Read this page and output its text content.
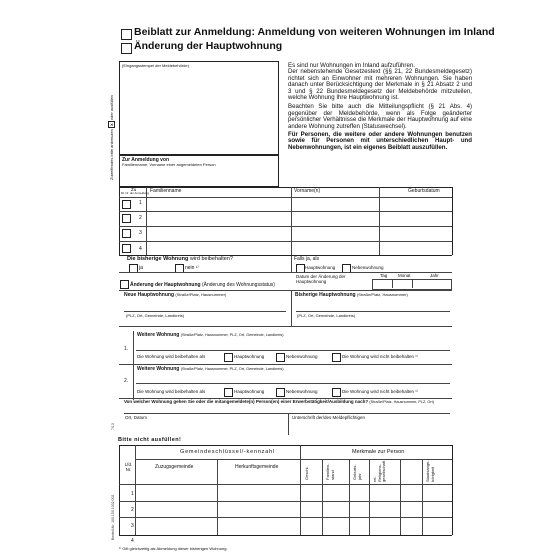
Beiblatt zur Anmeldung: Anmeldung von weiteren Wohnungen im Inland
Änderung der Hauptwohnung
(Eingangsstempel der Meldebehörde)
Zur Anmeldung von
Familienname, Vorname einer angemeldeten Person
Zutreffendes bitte ankreuzen X oder ausfüllen
Es sind nur Wohnungen im Inland aufzuführen.
Der nebenstehende Gesetzestext (§§ 21, 22 Bundesmeldegesetz) richtet sich an Einwohner mit mehreren Wohnungen. Sie haben danach unter Berücksichtigung der Merkmale in § 21 Absatz 2 und 3 und § 22 Bundesmeldegesetz der Meldebehörde mitzuteilen, welche Wohnung Ihre Hauptwohnung ist.
Beachten Sie bitte auch die Mitteilungspflicht (§ 21 Abs. 4) gegenüber der Meldebehörde, wenn als Folge geänderter persönlicher Verhältnisse die Merkmale der Hauptwohnung auf eine andere Wohnung zutreffen (Statuswechsel).
Für Personen, die weitere oder andere Wohnungen benutzen sowie für Personen mit unterschiedlichen Haupt- und Nebenwohnungen, ist ein eigenes Beiblatt auszufüllen.
Zu
lfd. Nr. der Anmeldung Familienname	Vorname(n)	Geburtsdatum
1
2
3
4
Die bisherige Wohnung wird beibehalten?
ja	nein ¹⁾
Falls ja, als
Hauptwohnung	Nebenwohnung
Änderung der Hauptwohnung (Änderung des Wohnungsstatus)
Datum der Änderung der Hauptwohnung
Tag Monat	Jahr
Neue Hauptwohnung (Straße/Platz, Hausnummer)	Bisherige Hauptwohnung (Straße/Platz, Hausnummer)
(PLZ, Ort, Gemeinde, Landkreis)	(PLZ, Ort, Gemeinde, Landkreis)
Weitere Wohnung (Straße/Platz, Hausnummer, PLZ, Ort, Gemeinde, Landkreis)
1.
Die Wohnung wird beibehalten als	Hauptwohnung	Nebenwohnung	Die Wohnung wird nicht beibehalten ¹⁾
Weitere Wohnung (Straße/Platz, Hausnummer, PLZ, Ort, Gemeinde, Landkreis)
2.
Die Wohnung wird beibehalten als	Hauptwohnung	Nebenwohnung	Die Wohnung wird nicht beibehalten ¹⁾
Von welcher Wohnung gehen Sie oder die mitangemeldete(n) Person(en) einer Erwerbstätigkeit/Ausbildung nach? (Straße/Platz, Hausnummer, PLZ, Ort)
Ort, Datum	Unterschrift der/des Meldepflichtigen
Bestell-Nr. 100 150 1002 002
7/13
Bitte nicht ausfüllen!
Gemeindeschlüssel/-kennzahl	Merkmale zur Person
Lfd. Nr.	Zuzugsgemeinde	Herkunftsgemeinde	Geschl.	Familien-stand	Geburts-jahr	rel. Religions-gesellschaft	Staatsange-hörigkeit
1
2
3
4
¹⁾ Gilt gleichzeitig als Abmeldung dieser bisherigen Wohnung.
